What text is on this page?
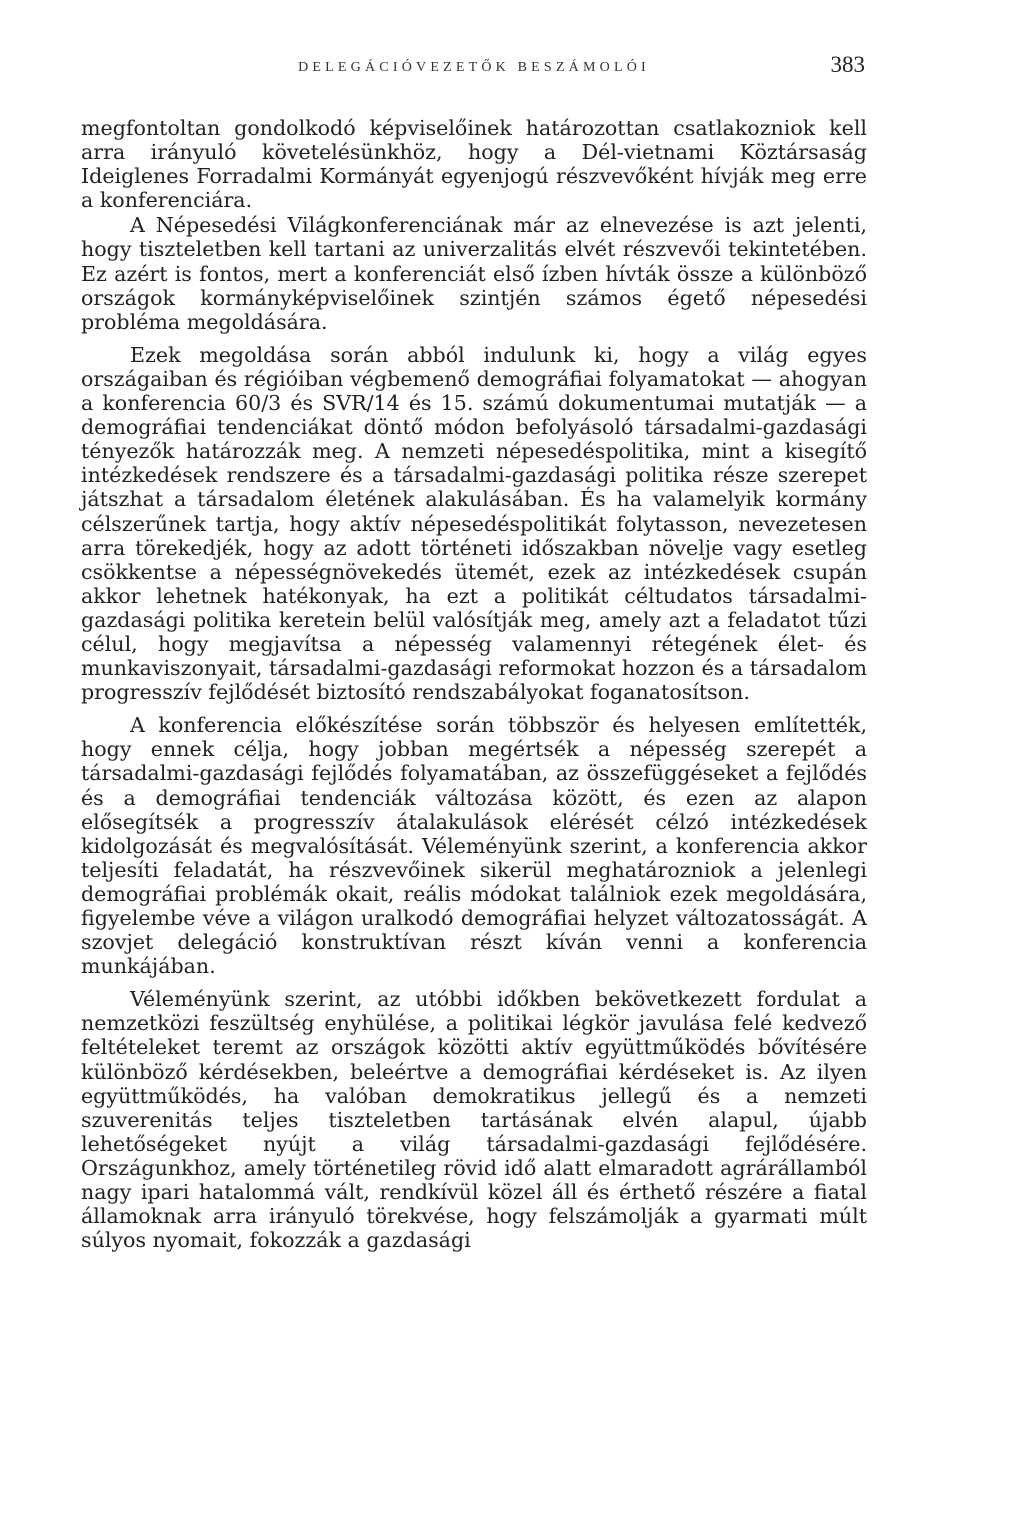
DELEGÁCIÓVEZETŐK BESZÁMOLÓI	383

megfontoltan gondolkodó képviselőinek határozottan csatlakozniok kell arra irányuló követelésünkhöz, hogy a Dél-vietnami Köztársaság Ideiglenes Forradalmi Kormányát egyenjogú részvevőként hívják meg erre a konferenciára.

A Népesedési Világkonferenciának már az elnevezése is azt jelenti, hogy tiszteletben kell tartani az univerzalitás elvét részvevői tekintetében. Ez azért is fontos, mert a konferenciát első ízben hívták össze a különböző országok kormányképviselőinek szintjén számos égető népesedési probléma megoldására.

Ezek megoldása során abból indulunk ki, hogy a világ egyes országaiban és régióiban végbemenő demográfiai folyamatokat — ahogyan a konferencia 60/3 és SVR/14 és 15. számú dokumentumai mutatják — a demográfiai tendenciákat döntő módon befolyásoló társadalmi-gazdasági tényezők határozzák meg. A nemzeti népesedéspolitika, mint a kisegítő intézkedések rendszere és a társadalmi-gazdasági politika része szerepet játszhat a társadalom életének alakulásában. És ha valamelyik kormány célszerűnek tartja, hogy aktív népesedéspolitikát folytasson, nevezetesen arra törekedjék, hogy az adott történeti időszakban növelje vagy esetleg csökkentse a népességnövekedés ütemét, ezek az intézkedések csupán akkor lehetnek hatékonyak, ha ezt a politikát céltudatos társadalmi-gazdasági politika keretein belül valósítják meg, amely azt a feladatot tűzi célul, hogy megjavítsa a népesség valamennyi rétegének élet- és munkaviszonyait, társadalmi-gazdasági reformokat hozzon és a társadalom progresszív fejlődését biztosító rendszabályokat foganatosítson.

A konferencia előkészítése során többször és helyesen említették, hogy ennek célja, hogy jobban megértsék a népesség szerepét a társadalmi-gazdasági fejlődés folyamatában, az összefüggéseket a fejlődés és a demográfiai tendenciák változása között, és ezen az alapon elősegítsék a progresszív átalakulások elérését célzó intézkedések kidolgozását és megvalósítását. Véleményünk szerint, a konferencia akkor teljesíti feladatát, ha részvevőinek sikerül meghatározniok a jelenlegi demográfiai problémák okait, reális módokat találniok ezek megoldására, figyelembe véve a világon uralkodó demográfiai helyzet változatosságát. A szovjet delegáció konstruktívan részt kíván venni a konferencia munkájában.

Véleményünk szerint, az utóbbi időkben bekövetkezett fordulat a nemzetközi feszültség enyhülése, a politikai légkör javulása felé kedvező feltételeket teremt az országok közötti aktív együttműködés bővítésére különböző kérdésekben, beleértve a demográfiai kérdéseket is. Az ilyen együttműködés, ha valóban demokratikus jellegű és a nemzeti szuverenitás teljes tiszteletben tartásának elvén alapul, újabb lehetőségeket nyújt a világ társadalmi-gazdasági fejlődésére. Országunkhoz, amely történetileg rövid idő alatt elmaradott agrárállamból nagy ipari hatalommá vált, rendkívül közel áll és érthető részére a fiatal államoknak arra irányuló törekvése, hogy felszámolják a gyarmati múlt súlyos nyomait, fokozzák a gazdasági
